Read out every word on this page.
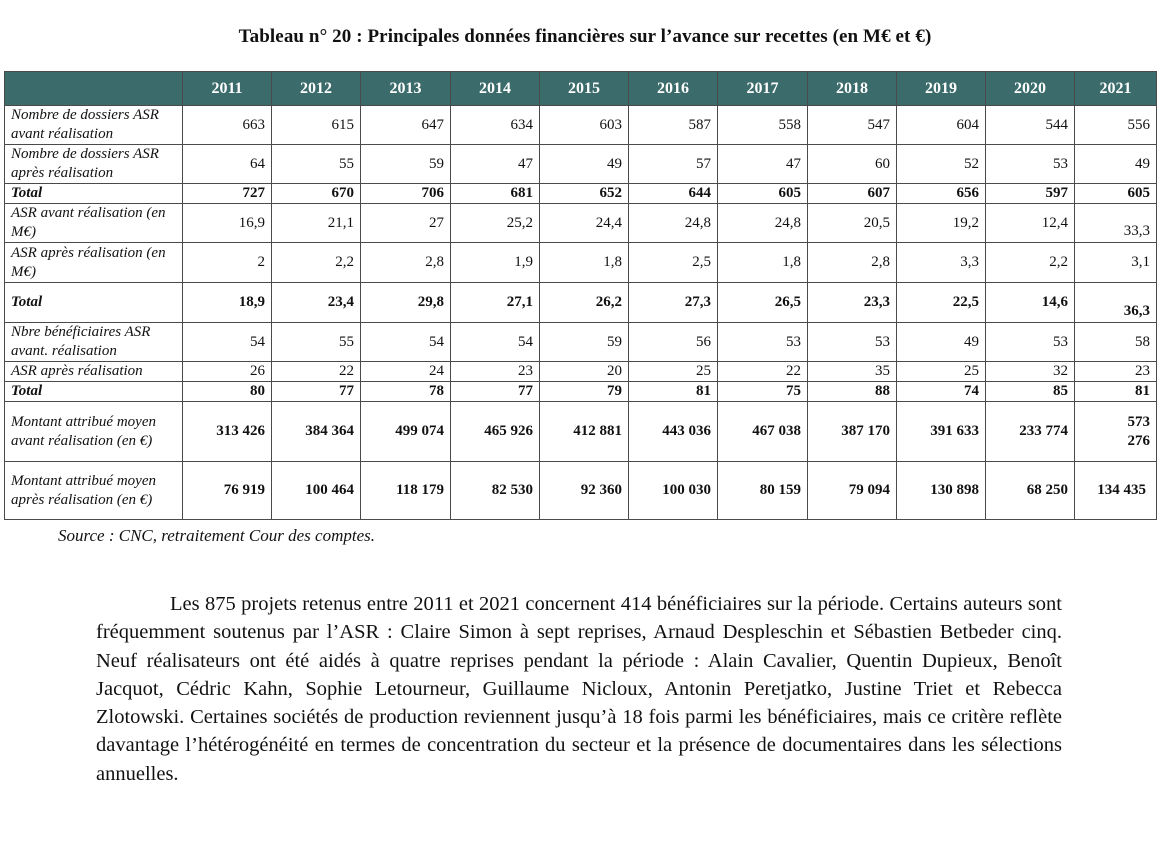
Tableau n° 20 : Principales données financières sur l’avance sur recettes (en M€ et €)
	2011	2012	2013	2014	2015	2016	2017	2018	2019	2020	2021
Nombre de dossiers ASR avant réalisation	663	615	647	634	603	587	558	547	604	544	556
Nombre de dossiers ASR après réalisation	64	55	59	47	49	57	47	60	52	53	49
Total	727	670	706	681	652	644	605	607	656	597	605
ASR avant réalisation (en M€)	16,9	21,1	27	25,2	24,4	24,8	24,8	20,5	19,2	12,4	33,3
ASR après réalisation (en M€)	2	2,2	2,8	1,9	1,8	2,5	1,8	2,8	3,3	2,2	3,1
Total	18,9	23,4	29,8	27,1	26,2	27,3	26,5	23,3	22,5	14,6	36,3
Nbre bénéficiaires ASR avant. réalisation	54	55	54	54	59	56	53	53	49	53	58
ASR après réalisation	26	22	24	23	20	25	22	35	25	32	23
Total	80	77	78	77	79	81	75	88	74	85	81
Montant attribué moyen avant réalisation (en €)	313 426	384 364	499 074	465 926	412 881	443 036	467 038	387 170	391 633	233 774	573 276
Montant attribué moyen après réalisation (en €)	76 919	100 464	118 179	82 530	92 360	100 030	80 159	79 094	130 898	68 250	134 435
Source : CNC, retraitement Cour des comptes.
Les 875 projets retenus entre 2011 et 2021 concernent 414 bénéficiaires sur la période. Certains auteurs sont fréquemment soutenus par l’ASR : Claire Simon à sept reprises, Arnaud Despleschin et Sébastien Betbeder cinq. Neuf réalisateurs ont été aidés à quatre reprises pendant la période : Alain Cavalier, Quentin Dupieux, Benoît Jacquot, Cédric Kahn, Sophie Letourneur, Guillaume Nicloux, Antonin Peretjatko, Justine Triet et Rebecca Zlotowski. Certaines sociétés de production reviennent jusqu’à 18 fois parmi les bénéficiaires, mais ce critère reflète davantage l’hétérogénéité en termes de concentration du secteur et la présence de documentaires dans les sélections annuelles.
